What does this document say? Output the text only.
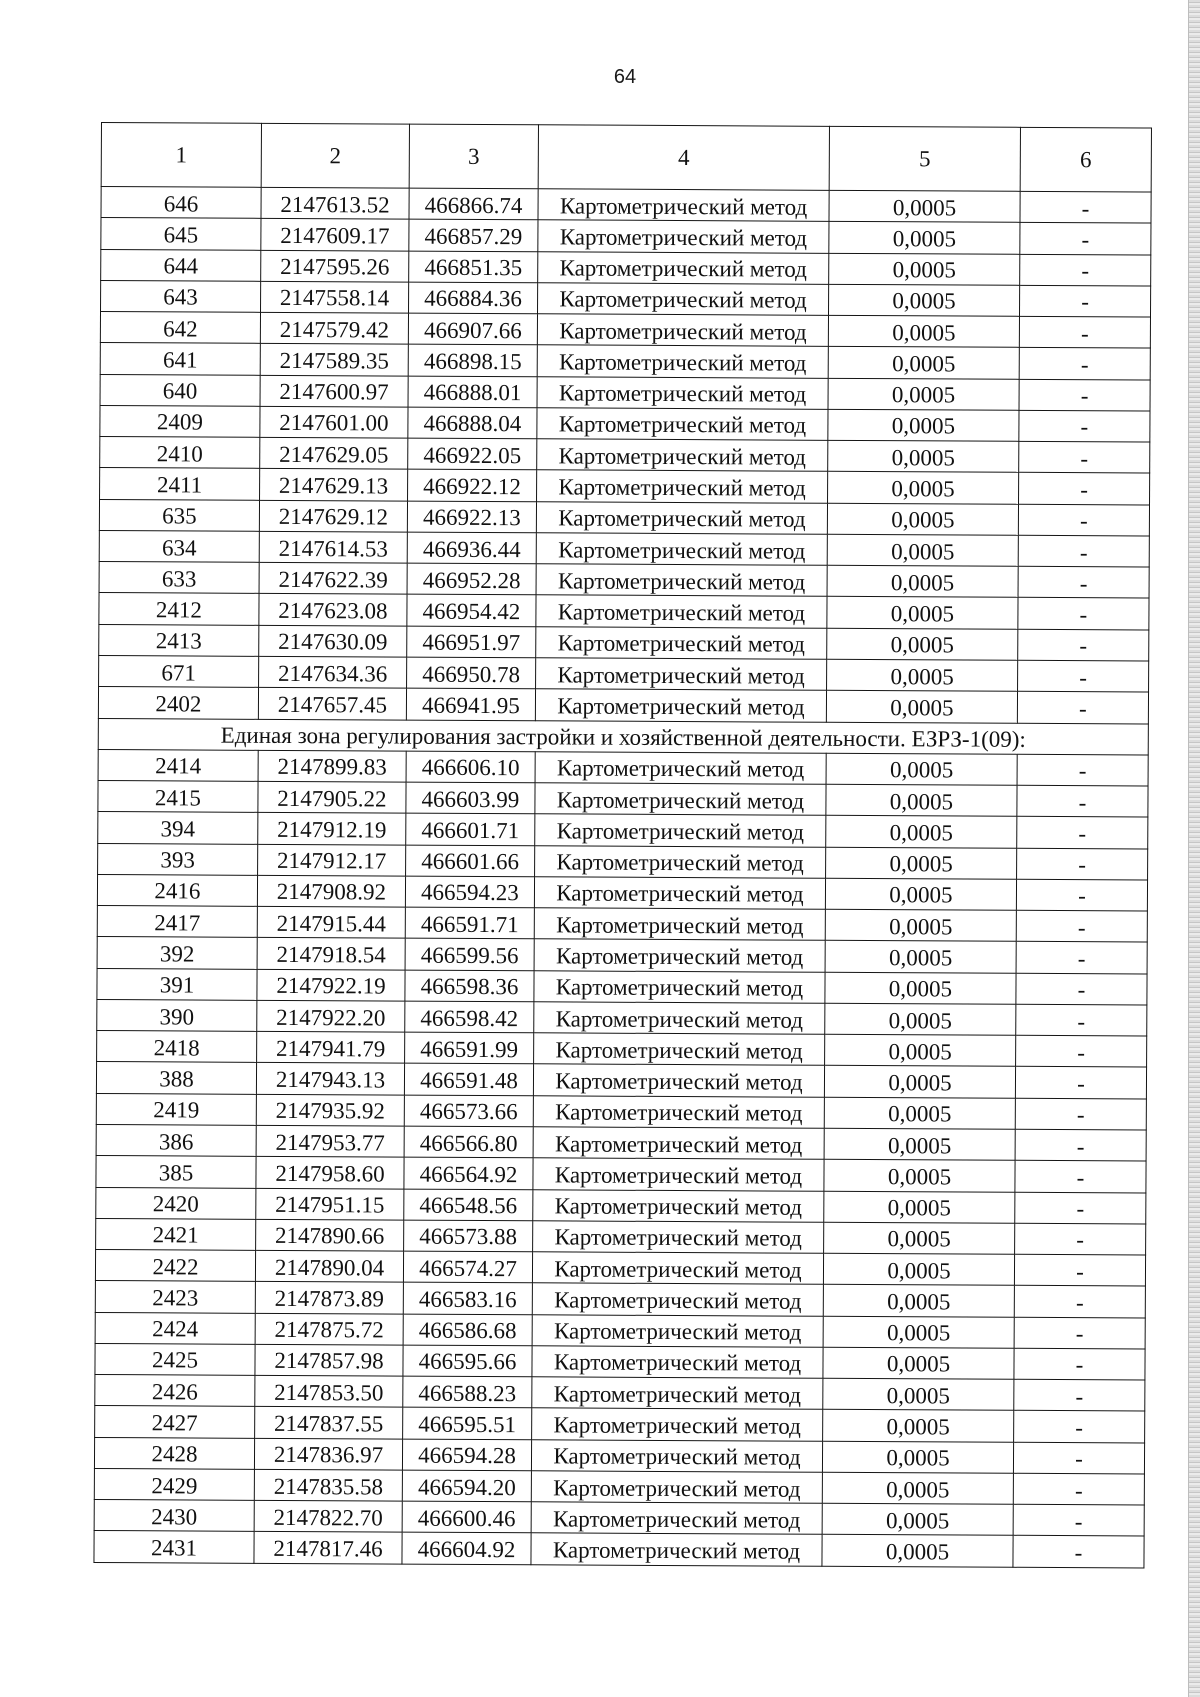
64
1	2	3	4	5	6
646	2147613.52	466866.74	Картометрический метод	0,0005	-
645	2147609.17	466857.29	Картометрический метод	0,0005	-
644	2147595.26	466851.35	Картометрический метод	0,0005	-
643	2147558.14	466884.36	Картометрический метод	0,0005	-
642	2147579.42	466907.66	Картометрический метод	0,0005	-
641	2147589.35	466898.15	Картометрический метод	0,0005	-
640	2147600.97	466888.01	Картометрический метод	0,0005	-
2409	2147601.00	466888.04	Картометрический метод	0,0005	-
2410	2147629.05	466922.05	Картометрический метод	0,0005	-
2411	2147629.13	466922.12	Картометрический метод	0,0005	-
635	2147629.12	466922.13	Картометрический метод	0,0005	-
634	2147614.53	466936.44	Картометрический метод	0,0005	-
633	2147622.39	466952.28	Картометрический метод	0,0005	-
2412	2147623.08	466954.42	Картометрический метод	0,0005	-
2413	2147630.09	466951.97	Картометрический метод	0,0005	-
671	2147634.36	466950.78	Картометрический метод	0,0005	-
2402	2147657.45	466941.95	Картометрический метод	0,0005	-
Единая зона регулирования застройки и хозяйственной деятельности. ЕЗРЗ-1(09):					
2414	2147899.83	466606.10	Картометрический метод	0,0005	-
2415	2147905.22	466603.99	Картометрический метод	0,0005	-
394	2147912.19	466601.71	Картометрический метод	0,0005	-
393	2147912.17	466601.66	Картометрический метод	0,0005	-
2416	2147908.92	466594.23	Картометрический метод	0,0005	-
2417	2147915.44	466591.71	Картометрический метод	0,0005	-
392	2147918.54	466599.56	Картометрический метод	0,0005	-
391	2147922.19	466598.36	Картометрический метод	0,0005	-
390	2147922.20	466598.42	Картометрический метод	0,0005	-
2418	2147941.79	466591.99	Картометрический метод	0,0005	-
388	2147943.13	466591.48	Картометрический метод	0,0005	-
2419	2147935.92	466573.66	Картометрический метод	0,0005	-
386	2147953.77	466566.80	Картометрический метод	0,0005	-
385	2147958.60	466564.92	Картометрический метод	0,0005	-
2420	2147951.15	466548.56	Картометрический метод	0,0005	-
2421	2147890.66	466573.88	Картометрический метод	0,0005	-
2422	2147890.04	466574.27	Картометрический метод	0,0005	-
2423	2147873.89	466583.16	Картометрический метод	0,0005	-
2424	2147875.72	466586.68	Картометрический метод	0,0005	-
2425	2147857.98	466595.66	Картометрический метод	0,0005	-
2426	2147853.50	466588.23	Картометрический метод	0,0005	-
2427	2147837.55	466595.51	Картометрический метод	0,0005	-
2428	2147836.97	466594.28	Картометрический метод	0,0005	-
2429	2147835.58	466594.20	Картометрический метод	0,0005	-
2430	2147822.70	466600.46	Картометрический метод	0,0005	-
2431	2147817.46	466604.92	Картометрический метод	0,0005	-
